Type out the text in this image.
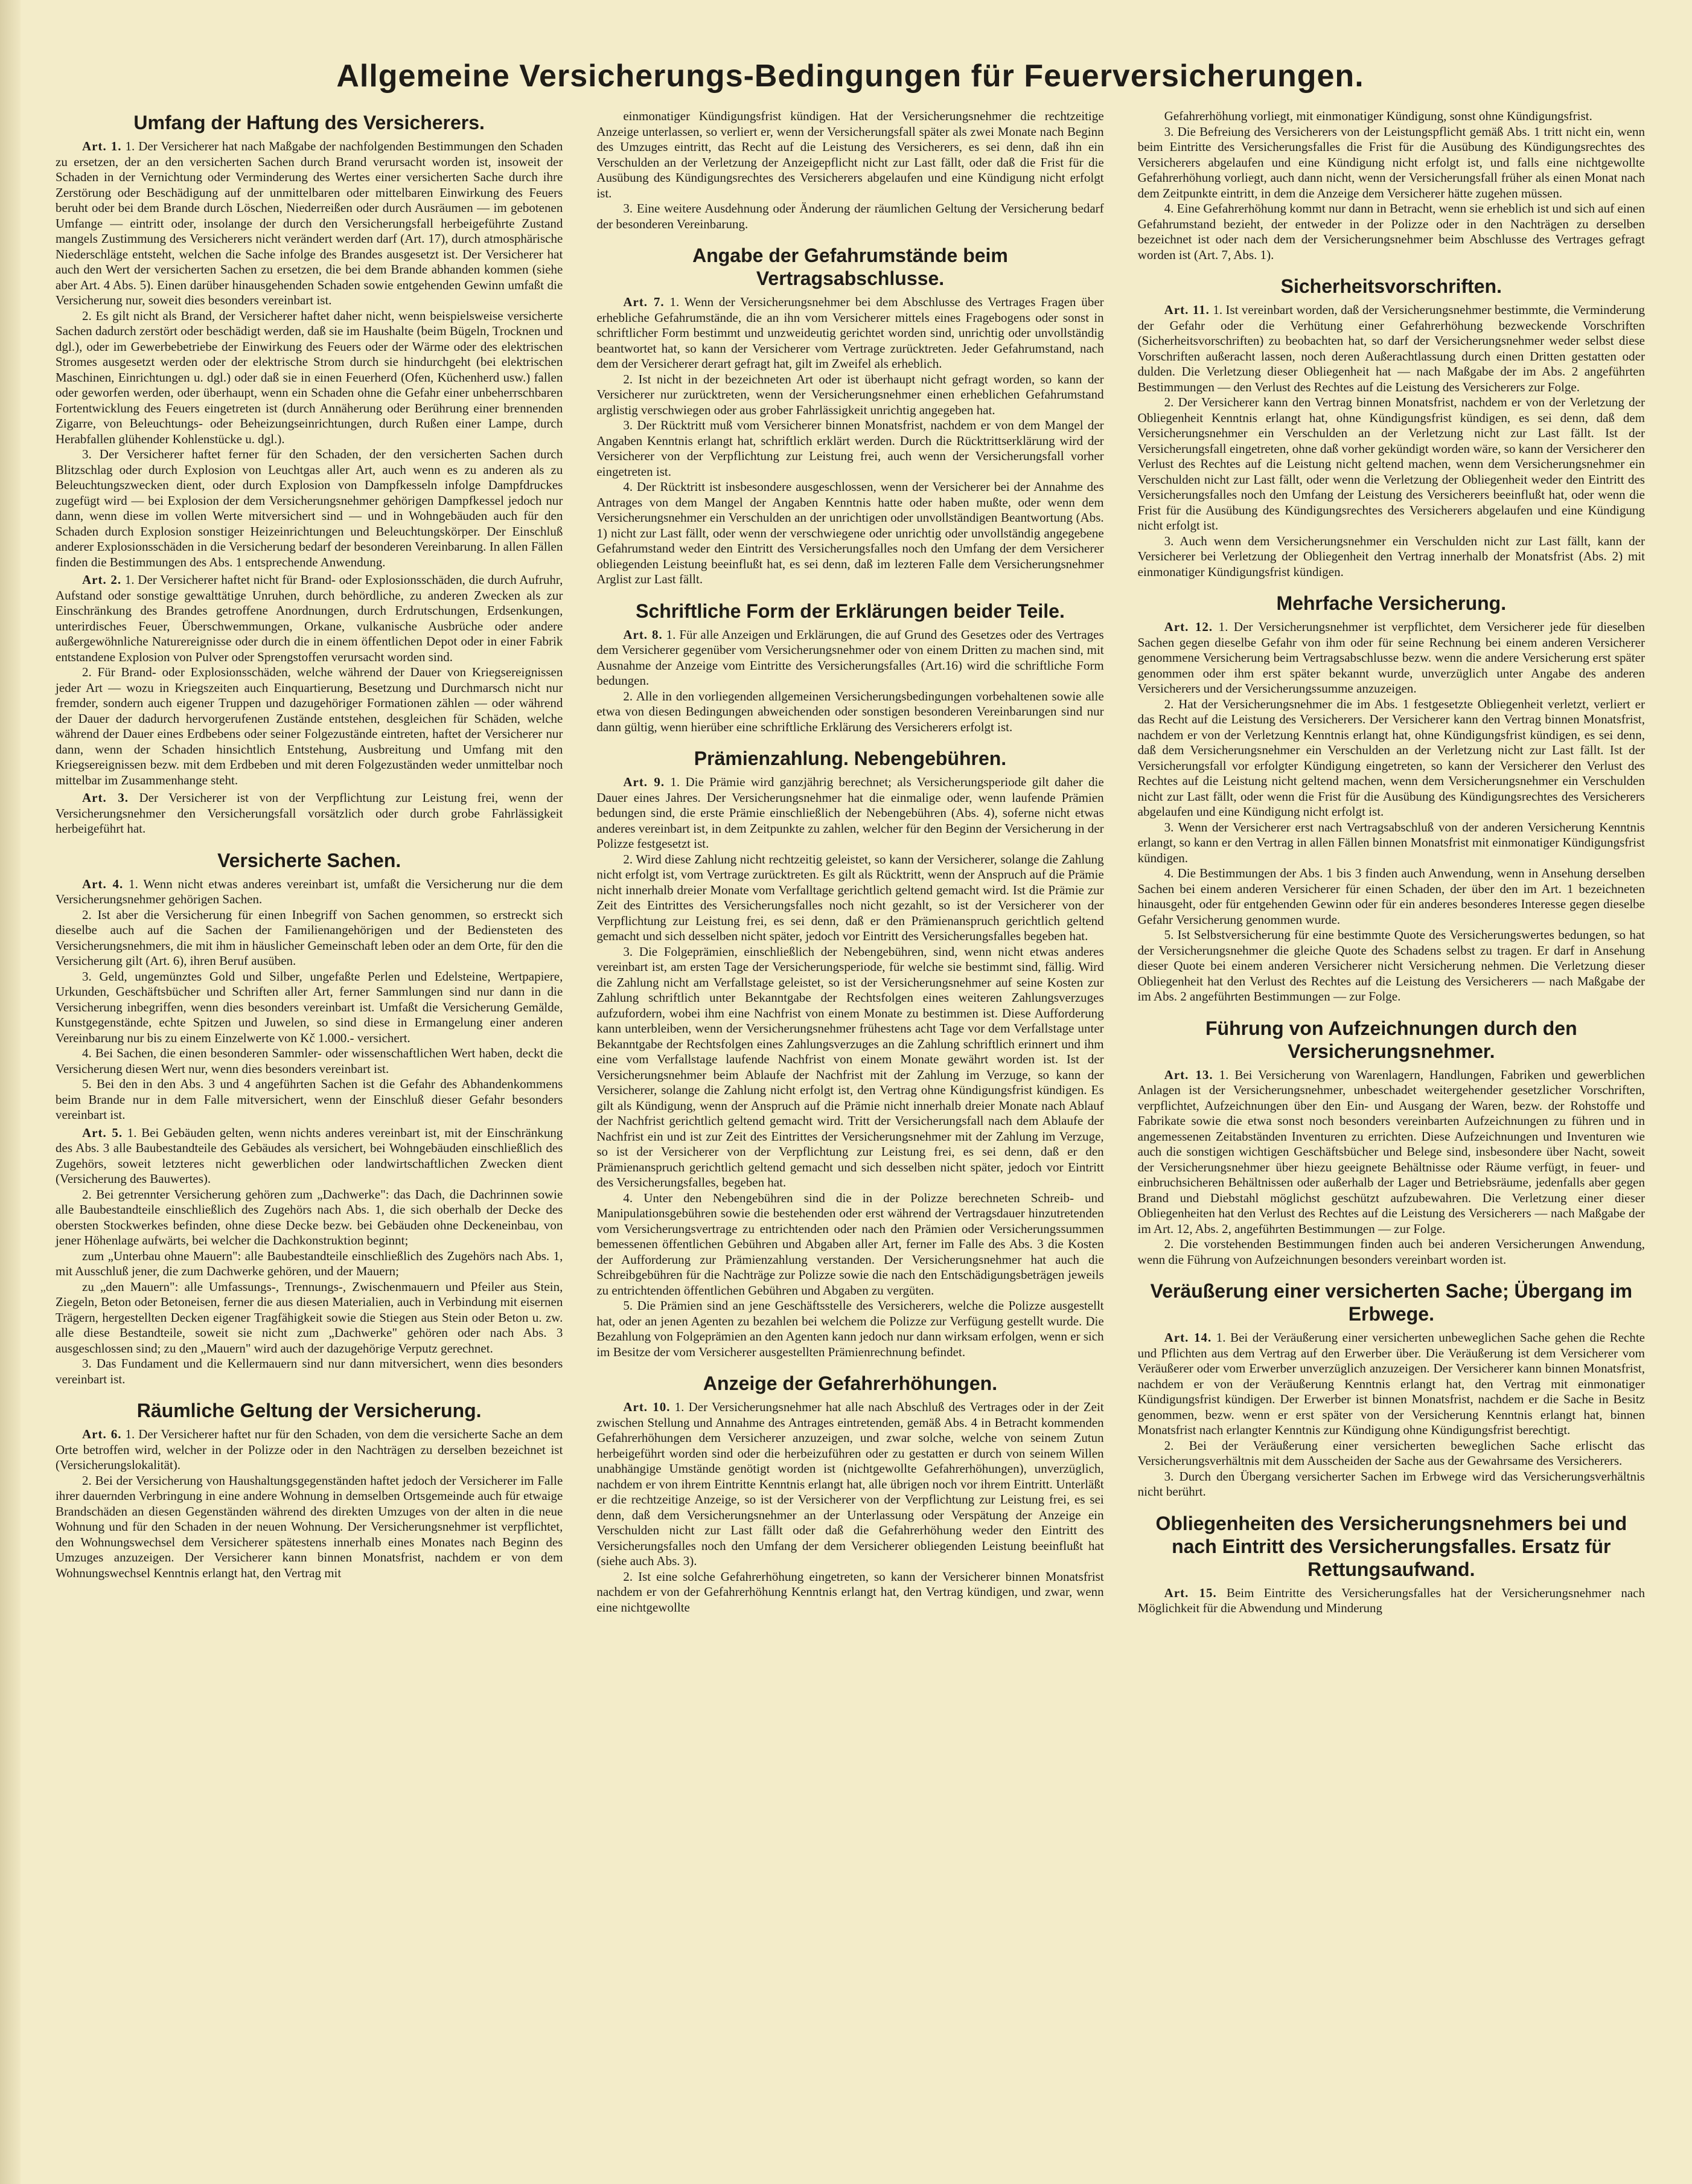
Allgemeine Versicherungs-Bedingungen für Feuerversicherungen.
Umfang der Haftung des Versicherers.

Art. 1. 1. Der Versicherer hat nach Maßgabe der nachfolgenden Bestimmungen den Schaden zu ersetzen, der an den versicherten Sachen durch Brand verursacht worden ist, insoweit der Schaden in der Vernichtung oder Verminderung des Wertes einer versicherten Sache durch ihre Zerstörung oder Beschädigung auf der unmittelbaren oder mittelbaren Einwirkung des Feuers beruht oder bei dem Brande durch Löschen, Niederreißen oder durch Ausräumen — im gebotenen Umfange — eintritt oder, insolange der durch den Versicherungsfall herbeigeführte Zustand mangels Zustimmung des Versicherers nicht verändert werden darf (Art. 17), durch atmosphärische Niederschläge entsteht, welchen die Sache infolge des Brandes ausgesetzt ist. Der Versicherer hat auch den Wert der versicherten Sachen zu ersetzen, die bei dem Brande abhanden kommen (siehe aber Art. 4 Abs. 5). Einen darüber hinausgehenden Schaden sowie entgehenden Gewinn umfaßt die Versicherung nur, soweit dies besonders vereinbart ist.

2. Es gilt nicht als Brand, der Versicherer haftet daher nicht, wenn beispielsweise versicherte Sachen dadurch zerstört oder beschädigt werden, daß sie im Haushalte (beim Bügeln, Trocknen und dgl.), oder im Gewerbebetriebe der Einwirkung des Feuers oder der Wärme oder des elektrischen Stromes ausgesetzt werden oder der elektrische Strom durch sie hindurchgeht (bei elektrischen Maschinen, Einrichtungen u. dgl.) oder daß sie in einen Feuerherd (Ofen, Küchenherd usw.) fallen oder geworfen werden, oder überhaupt, wenn ein Schaden ohne die Gefahr einer unbeherrschbaren Fortentwicklung des Feuers eingetreten ist (durch Annäherung oder Berührung einer brennenden Zigarre, von Beleuchtungs- oder Beheizungseinrichtungen, durch Rußen einer Lampe, durch Herabfallen glühender Kohlenstücke u. dgl.).

3. Der Versicherer haftet ferner für den Schaden, der den versicherten Sachen durch Blitzschlag oder durch Explosion von Leuchtgas aller Art, auch wenn es zu anderen als zu Beleuchtungszwecken dient, oder durch Explosion von Dampfkesseln infolge Dampfdruckes zugefügt wird — bei Explosion der dem Versicherungsnehmer gehörigen Dampfkessel jedoch nur dann, wenn diese im vollen Werte mitversichert sind — und in Wohngebäuden auch für den Schaden durch Explosion sonstiger Heizeinrichtungen und Beleuchtungskörper. Der Einschluß anderer Explosionsschäden in die Versicherung bedarf der besonderen Vereinbarung. In allen Fällen finden die Bestimmungen des Abs. 1 entsprechende Anwendung.

Art. 2. 1. Der Versicherer haftet nicht für Brand- oder Explosionsschäden, die durch Aufruhr, Aufstand oder sonstige gewalttätige Unruhen, durch behördliche, zu anderen Zwecken als zur Einschränkung des Brandes getroffene Anordnungen, durch Erdrutschungen, Erdsenkungen, unterirdisches Feuer, Überschwemmungen, Orkane, vulkanische Ausbrüche oder andere außergewöhnliche Naturereignisse oder durch die in einem öffentlichen Depot oder in einer Fabrik entstandene Explosion von Pulver oder Sprengstoffen verursacht worden sind.

2. Für Brand- oder Explosionsschäden, welche während der Dauer von Kriegsereignissen jeder Art — wozu in Kriegszeiten auch Einquartierung, Besetzung und Durchmarsch nicht nur fremder, sondern auch eigener Truppen und dazugehöriger Formationen zählen — oder während der Dauer der dadurch hervorgerufenen Zustände entstehen, desgleichen für Schäden, welche während der Dauer eines Erdbebens oder seiner Folgezustände eintreten, haftet der Versicherer nur dann, wenn der Schaden hinsichtlich Entstehung, Ausbreitung und Umfang mit den Kriegsereignissen bezw. mit dem Erdbeben und mit deren Folgezuständen weder unmittelbar noch mittelbar im Zusammenhange steht.

Art. 3. Der Versicherer ist von der Verpflichtung zur Leistung frei, wenn der Versicherungsnehmer den Versicherungsfall vorsätzlich oder durch grobe Fahrlässigkeit herbeigeführt hat.

Versicherte Sachen.

Art. 4. 1. Wenn nicht etwas anderes vereinbart ist, umfaßt die Versicherung nur die dem Versicherungsnehmer gehörigen Sachen.

2. Ist aber die Versicherung für einen Inbegriff von Sachen genommen, so erstreckt sich dieselbe auch auf die Sachen der Familienangehörigen und der Bediensteten des Versicherungsnehmers, die mit ihm in häuslicher Gemeinschaft leben oder an dem Orte, für den die Versicherung gilt (Art. 6), ihren Beruf ausüben.

3. Geld, ungemünztes Gold und Silber, ungefaßte Perlen und Edelsteine, Wertpapiere, Urkunden, Geschäftsbücher und Schriften aller Art, ferner Sammlungen sind nur dann in die Versicherung inbegriffen, wenn dies besonders vereinbart ist. Umfaßt die Versicherung Gemälde, Kunstgegenstände, echte Spitzen und Juwelen, so sind diese in Ermangelung einer anderen Vereinbarung nur bis zu einem Einzelwerte von Kč 1.000.- versichert.

4. Bei Sachen, die einen besonderen Sammler- oder wissenschaftlichen Wert haben, deckt die Versicherung diesen Wert nur, wenn dies besonders vereinbart ist.

5. Bei den in den Abs. 3 und 4 angeführten Sachen ist die Gefahr des Abhandenkommens beim Brande nur in dem Falle mitversichert, wenn der Einschluß dieser Gefahr besonders vereinbart ist.

Art. 5. 1. Bei Gebäuden gelten, wenn nichts anderes vereinbart ist, mit der Einschränkung des Abs. 3 alle Baubestandteile des Gebäudes als versichert, bei Wohngebäuden einschließlich des Zugehörs, soweit letzteres nicht gewerblichen oder landwirtschaftlichen Zwecken dient (Versicherung des Bauwertes).

2. Bei getrennter Versicherung gehören zum „Dachwerke": das Dach, die Dachrinnen sowie alle Baubestandteile einschließlich des Zugehörs nach Abs. 1, die sich oberhalb der Decke des obersten Stockwerkes befinden, ohne diese Decke bezw. bei Gebäuden ohne Deckeneinbau, von jener Höhenlage aufwärts, bei welcher die Dachkonstruktion beginnt;

zum „Unterbau ohne Mauern": alle Baubestandteile einschließlich des Zugehörs nach Abs. 1, mit Ausschluß jener, die zum Dachwerke gehören, und der Mauern;

zu „den Mauern": alle Umfassungs-, Trennungs-, Zwischenmauern und Pfeiler aus Stein, Ziegeln, Beton oder Betoneisen, ferner die aus diesen Materialien, auch in Verbindung mit eisernen Trägern, hergestellten Decken eigener Tragfähigkeit sowie die Stiegen aus Stein oder Beton u. zw. alle diese Bestandteile, soweit sie nicht zum „Dachwerke" gehören oder nach Abs. 3 ausgeschlossen sind; zu den „Mauern" wird auch der dazugehörige Verputz gerechnet.

3. Das Fundament und die Kellermauern sind nur dann mitversichert, wenn dies besonders vereinbart ist.

Räumliche Geltung der Versicherung.

Art. 6. 1. Der Versicherer haftet nur für den Schaden, von dem die versicherte Sache an dem Orte betroffen wird, welcher in der Polizze oder in den Nachträgen zu derselben bezeichnet ist (Versicherungslokalität).

2. Bei der Versicherung von Haushaltungsgegenständen haftet jedoch der Versicherer im Falle ihrer dauernden Verbringung in eine andere Wohnung in demselben Ortsgemeinde auch für etwaige Brandschäden an diesen Gegenständen während des direkten Umzuges von der alten in die neue Wohnung und für den Schaden in der neuen Wohnung. Der Versicherungsnehmer ist verpflichtet, den Wohnungswechsel dem Versicherer spätestens innerhalb eines Monates nach Beginn des Umzuges anzuzeigen. Der Versicherer kann binnen Monatsfrist, nachdem er von dem Wohnungswechsel Kenntnis erlangt hat, den Vertrag mit

einmonatiger Kündigungsfrist kündigen. Hat der Versicherungsnehmer die rechtzeitige Anzeige unterlassen, so verliert er, wenn der Versicherungsfall später als zwei Monate nach Beginn des Umzuges eintritt, das Recht auf die Leistung des Versicherers, es sei denn, daß ihn ein Verschulden an der Verletzung der Anzeigepflicht nicht zur Last fällt, oder daß die Frist für die Ausübung des Kündigungsrechtes des Versicherers abgelaufen und eine Kündigung nicht erfolgt ist.

3. Eine weitere Ausdehnung oder Änderung der räumlichen Geltung der Versicherung bedarf der besonderen Vereinbarung.

Angabe der Gefahrumstände beim Vertragsabschlusse.

Art. 7. 1. Wenn der Versicherungsnehmer bei dem Abschlusse des Vertrages Fragen über erhebliche Gefahrumstände, die an ihn vom Versicherer mittels eines Fragebogens oder sonst in schriftlicher Form bestimmt und unzweideutig gerichtet worden sind, unrichtig oder unvollständig beantwortet hat, so kann der Versicherer vom Vertrage zurücktreten. Jeder Gefahrumstand, nach dem der Versicherer derart gefragt hat, gilt im Zweifel als erheblich.

2. Ist nicht in der bezeichneten Art oder ist überhaupt nicht gefragt worden, so kann der Versicherer nur zurücktreten, wenn der Versicherungsnehmer einen erheblichen Gefahrumstand arglistig verschwiegen oder aus grober Fahrlässigkeit unrichtig angegeben hat.

3. Der Rücktritt muß vom Versicherer binnen Monatsfrist, nachdem er von dem Mangel der Angaben Kenntnis erlangt hat, schriftlich erklärt werden. Durch die Rücktrittserklärung wird der Versicherer von der Verpflichtung zur Leistung frei, auch wenn der Versicherungsfall vorher eingetreten ist.

4. Der Rücktritt ist insbesondere ausgeschlossen, wenn der Versicherer bei der Annahme des Antrages von dem Mangel der Angaben Kenntnis hatte oder haben mußte, oder wenn dem Versicherungsnehmer ein Verschulden an der unrichtigen oder unvollständigen Beantwortung (Abs. 1) nicht zur Last fällt, oder wenn der verschwiegene oder unrichtig oder unvollständig angegebene Gefahrumstand weder den Eintritt des Versicherungsfalles noch den Umfang der dem Versicherer obliegenden Leistung beeinflußt hat, es sei denn, daß im lezteren Falle dem Versicherungsnehmer Arglist zur Last fällt.

Schriftliche Form der Erklärungen beider Teile.

Art. 8. 1. Für alle Anzeigen und Erklärungen, die auf Grund des Gesetzes oder des Vertrages dem Versicherer gegenüber vom Versicherungsnehmer oder von einem Dritten zu machen sind, mit Ausnahme der Anzeige vom Eintritte des Versicherungsfalles (Art.16) wird die schriftliche Form bedungen.

2. Alle in den vorliegenden allgemeinen Versicherungsbedingungen vorbehaltenen sowie alle etwa von diesen Bedingungen abweichenden oder sonstigen besonderen Vereinbarungen sind nur dann gültig, wenn hierüber eine schriftliche Erklärung des Versicherers erfolgt ist.

Prämienzahlung. Nebengebühren.

Art. 9. 1. Die Prämie wird ganzjährig berechnet; als Versicherungsperiode gilt daher die Dauer eines Jahres. Der Versicherungsnehmer hat die einmalige oder, wenn laufende Prämien bedungen sind, die erste Prämie einschließlich der Nebengebühren (Abs. 4), soferne nicht etwas anderes vereinbart ist, in dem Zeitpunkte zu zahlen, welcher für den Beginn der Versicherung in der Polizze festgesetzt ist.

2. Wird diese Zahlung nicht rechtzeitig geleistet, so kann der Versicherer, solange die Zahlung nicht erfolgt ist, vom Vertrage zurücktreten. Es gilt als Rücktritt, wenn der Anspruch auf die Prämie nicht innerhalb dreier Monate vom Verfalltage gerichtlich geltend gemacht wird. Ist die Prämie zur Zeit des Eintrittes des Versicherungsfalles noch nicht gezahlt, so ist der Versicherer von der Verpflichtung zur Leistung frei, es sei denn, daß er den Prämienanspruch gerichtlich geltend gemacht und sich desselben nicht später, jedoch vor Eintritt des Versicherungsfalles begeben hat.

3. Die Folgeprämien, einschließlich der Nebengebühren, sind, wenn nicht etwas anderes vereinbart ist, am ersten Tage der Versicherungsperiode, für welche sie bestimmt sind, fällig. Wird die Zahlung nicht am Verfallstage geleistet, so ist der Versicherungsnehmer auf seine Kosten zur Zahlung schriftlich unter Bekanntgabe der Rechtsfolgen eines weiteren Zahlungsverzuges aufzufordern, wobei ihm eine Nachfrist von einem Monate zu bestimmen ist. Diese Aufforderung kann unterbleiben, wenn der Versicherungsnehmer frühestens acht Tage vor dem Verfallstage unter Bekanntgabe der Rechtsfolgen eines Zahlungsverzuges an die Zahlung schriftlich erinnert und ihm eine vom Verfallstage laufende Nachfrist von einem Monate gewährt worden ist. Ist der Versicherungsnehmer beim Ablaufe der Nachfrist mit der Zahlung im Verzuge, so kann der Versicherer, solange die Zahlung nicht erfolgt ist, den Vertrag ohne Kündigungsfrist kündigen. Es gilt als Kündigung, wenn der Anspruch auf die Prämie nicht innerhalb dreier Monate nach Ablauf der Nachfrist gerichtlich geltend gemacht wird. Tritt der Versicherungsfall nach dem Ablaufe der Nachfrist ein und ist zur Zeit des Eintrittes der Versicherungsnehmer mit der Zahlung im Verzuge, so ist der Versicherer von der Verpflichtung zur Leistung frei, es sei denn, daß er den Prämienanspruch gerichtlich geltend gemacht und sich desselben nicht später, jedoch vor Eintritt des Versicherungsfalles, begeben hat.

4. Unter den Nebengebühren sind die in der Polizze berechneten Schreib- und Manipulationsgebühren sowie die bestehenden oder erst während der Vertragsdauer hinzutretenden vom Versicherungsvertrage zu entrichtenden oder nach den Prämien oder Versicherungssummen bemessenen öffentlichen Gebühren und Abgaben aller Art, ferner im Falle des Abs. 3 die Kosten der Aufforderung zur Prämienzahlung verstanden. Der Versicherungsnehmer hat auch die Schreibgebühren für die Nachträge zur Polizze sowie die nach den Entschädigungsbeträgen jeweils zu entrichtenden öffentlichen Gebühren und Abgaben zu vergüten.

5. Die Prämien sind an jene Geschäftsstelle des Versicherers, welche die Polizze ausgestellt hat, oder an jenen Agenten zu bezahlen bei welchem die Polizze zur Verfügung gestellt wurde. Die Bezahlung von Folgeprämien an den Agenten kann jedoch nur dann wirksam erfolgen, wenn er sich im Besitze der vom Versicherer ausgestellten Prämienrechnung befindet.

Anzeige der Gefahrerhöhungen.

Art. 10. 1. Der Versicherungsnehmer hat alle nach Abschluß des Vertrages oder in der Zeit zwischen Stellung und Annahme des Antrages eintretenden, gemäß Abs. 4 in Betracht kommenden Gefahrerhöhungen dem Versicherer anzuzeigen, und zwar solche, welche von seinem Zutun herbeigeführt worden sind oder die herbeizuführen oder zu gestatten er durch von seinem Willen unabhängige Umstände genötigt worden ist (nichtgewollte Gefahrerhöhungen), unverzüglich, nachdem er von ihrem Eintritte Kenntnis erlangt hat, alle übrigen noch vor ihrem Eintritt. Unterläßt er die rechtzeitige Anzeige, so ist der Versicherer von der Verpflichtung zur Leistung frei, es sei denn, daß dem Versicherungsnehmer an der Unterlassung oder Verspätung der Anzeige ein Verschulden nicht zur Last fällt oder daß die Gefahrerhöhung weder den Eintritt des Versicherungsfalles noch den Umfang der dem Versicherer obliegenden Leistung beeinflußt hat (siehe auch Abs. 3).

2. Ist eine solche Gefahrerhöhung eingetreten, so kann der Versicherer binnen Monatsfrist nachdem er von der Gefahrerhöhung Kenntnis erlangt hat, den Vertrag kündigen, und zwar, wenn eine nichtgewollte

Gefahrerhöhung vorliegt, mit einmonatiger Kündigung, sonst ohne Kündigungsfrist.

3. Die Befreiung des Versicherers von der Leistungspflicht gemäß Abs. 1 tritt nicht ein, wenn beim Eintritte des Versicherungsfalles die Frist für die Ausübung des Kündigungsrechtes des Versicherers abgelaufen und eine Kündigung nicht erfolgt ist, und falls eine nichtgewollte Gefahrerhöhung vorliegt, auch dann nicht, wenn der Versicherungsfall früher als einen Monat nach dem Zeitpunkte eintritt, in dem die Anzeige dem Versicherer hätte zugehen müssen.

4. Eine Gefahrerhöhung kommt nur dann in Betracht, wenn sie erheblich ist und sich auf einen Gefahrumstand bezieht, der entweder in der Polizze oder in den Nachträgen zu derselben bezeichnet ist oder nach dem der Versicherungsnehmer beim Abschlusse des Vertrages gefragt worden ist (Art. 7, Abs. 1).

Sicherheitsvorschriften.

Art. 11. 1. Ist vereinbart worden, daß der Versicherungsnehmer bestimmte, die Verminderung der Gefahr oder die Verhütung einer Gefahrerhöhung bezweckende Vorschriften (Sicherheitsvorschriften) zu beobachten hat, so darf der Versicherungsnehmer weder selbst diese Vorschriften außeracht lassen, noch deren Außerachtlassung durch einen Dritten gestatten oder dulden. Die Verletzung dieser Obliegenheit hat — nach Maßgabe der im Abs. 2 angeführten Bestimmungen — den Verlust des Rechtes auf die Leistung des Versicherers zur Folge.

2. Der Versicherer kann den Vertrag binnen Monatsfrist, nachdem er von der Verletzung der Obliegenheit Kenntnis erlangt hat, ohne Kündigungsfrist kündigen, es sei denn, daß dem Versicherungsnehmer ein Verschulden an der Verletzung nicht zur Last fällt. Ist der Versicherungsfall eingetreten, ohne daß vorher gekündigt worden wäre, so kann der Versicherer den Verlust des Rechtes auf die Leistung nicht geltend machen, wenn dem Versicherungsnehmer ein Verschulden nicht zur Last fällt, oder wenn die Verletzung der Obliegenheit weder den Eintritt des Versicherungsfalles noch den Umfang der Leistung des Versicherers beeinflußt hat, oder wenn die Frist für die Ausübung des Kündigungsrechtes des Versicherers abgelaufen und eine Kündigung nicht erfolgt ist.

3. Auch wenn dem Versicherungsnehmer ein Verschulden nicht zur Last fällt, kann der Versicherer bei Verletzung der Obliegenheit den Vertrag innerhalb der Monatsfrist (Abs. 2) mit einmonatiger Kündigungsfrist kündigen.

Mehrfache Versicherung.

Art. 12. 1. Der Versicherungsnehmer ist verpflichtet, dem Versicherer jede für dieselben Sachen gegen dieselbe Gefahr von ihm oder für seine Rechnung bei einem anderen Versicherer genommene Versicherung beim Vertragsabschlusse bezw. wenn die andere Versicherung erst später genommen oder ihm erst später bekannt wurde, unverzüglich unter Angabe des anderen Versicherers und der Versicherungssumme anzuzeigen.

2. Hat der Versicherungsnehmer die im Abs. 1 festgesetzte Obliegenheit verletzt, verliert er das Recht auf die Leistung des Versicherers. Der Versicherer kann den Vertrag binnen Monatsfrist, nachdem er von der Verletzung Kenntnis erlangt hat, ohne Kündigungsfrist kündigen, es sei denn, daß dem Versicherungsnehmer ein Verschulden an der Verletzung nicht zur Last fällt. Ist der Versicherungsfall vor erfolgter Kündigung eingetreten, so kann der Versicherer den Verlust des Rechtes auf die Leistung nicht geltend machen, wenn dem Versicherungsnehmer ein Verschulden nicht zur Last fällt, oder wenn die Frist für die Ausübung des Kündigungsrechtes des Versicherers abgelaufen und eine Kündigung nicht erfolgt ist.

3. Wenn der Versicherer erst nach Vertragsabschluß von der anderen Versicherung Kenntnis erlangt, so kann er den Vertrag in allen Fällen binnen Monatsfrist mit einmonatiger Kündigungsfrist kündigen.

4. Die Bestimmungen der Abs. 1 bis 3 finden auch Anwendung, wenn in Ansehung derselben Sachen bei einem anderen Versicherer für einen Schaden, der über den im Art. 1 bezeichneten hinausgeht, oder für entgehenden Gewinn oder für ein anderes besonderes Interesse gegen dieselbe Gefahr Versicherung genommen wurde.

5. Ist Selbstversicherung für eine bestimmte Quote des Versicherungswertes bedungen, so hat der Versicherungsnehmer die gleiche Quote des Schadens selbst zu tragen. Er darf in Ansehung dieser Quote bei einem anderen Versicherer nicht Versicherung nehmen. Die Verletzung dieser Obliegenheit hat den Verlust des Rechtes auf die Leistung des Versicherers — nach Maßgabe der im Abs. 2 angeführten Bestimmungen — zur Folge.

Führung von Aufzeichnungen durch den Versicherungsnehmer.

Art. 13. 1. Bei Versicherung von Warenlagern, Handlungen, Fabriken und gewerblichen Anlagen ist der Versicherungsnehmer, unbeschadet weitergehender gesetzlicher Vorschriften, verpflichtet, Aufzeichnungen über den Ein- und Ausgang der Waren, bezw. der Rohstoffe und Fabrikate sowie die etwa sonst noch besonders vereinbarten Aufzeichnungen zu führen und in angemessenen Zeitabständen Inventuren zu errichten. Diese Aufzeichnungen und Inventuren wie auch die sonstigen wichtigen Geschäftsbücher und Belege sind, insbesondere über Nacht, soweit der Versicherungsnehmer über hiezu geeignete Behältnisse oder Räume verfügt, in feuer- und einbruchsicheren Behältnissen oder außerhalb der Lager und Betriebsräume, jedenfalls aber gegen Brand und Diebstahl möglichst geschützt aufzubewahren. Die Verletzung einer dieser Obliegenheiten hat den Verlust des Rechtes auf die Leistung des Versicherers — nach Maßgabe der im Art. 12, Abs. 2, angeführten Bestimmungen — zur Folge.

2. Die vorstehenden Bestimmungen finden auch bei anderen Versicherungen Anwendung, wenn die Führung von Aufzeichnungen besonders vereinbart worden ist.

Veräußerung einer versicherten Sache; Übergang im Erbwege.

Art. 14. 1. Bei der Veräußerung einer versicherten unbeweglichen Sache gehen die Rechte und Pflichten aus dem Vertrag auf den Erwerber über. Die Veräußerung ist dem Versicherer vom Veräußerer oder vom Erwerber unverzüglich anzuzeigen. Der Versicherer kann binnen Monatsfrist, nachdem er von der Veräußerung Kenntnis erlangt hat, den Vertrag mit einmonatiger Kündigungsfrist kündigen. Der Erwerber ist binnen Monatsfrist, nachdem er die Sache in Besitz genommen, bezw. wenn er erst später von der Versicherung Kenntnis erlangt hat, binnen Monatsfrist nach erlangter Kenntnis zur Kündigung ohne Kündigungsfrist berechtigt.

2. Bei der Veräußerung einer versicherten beweglichen Sache erlischt das Versicherungsverhältnis mit dem Ausscheiden der Sache aus der Gewahrsame des Versicherers.

3. Durch den Übergang versicherter Sachen im Erbwege wird das Versicherungsverhältnis nicht berührt.

Obliegenheiten des Versicherungsnehmers bei und nach Eintritt des Versicherungsfalles. Ersatz für Rettungsaufwand.

Art. 15. Beim Eintritte des Versicherungsfalles hat der Versicherungsnehmer nach Möglichkeit für die Abwendung und Minderung
